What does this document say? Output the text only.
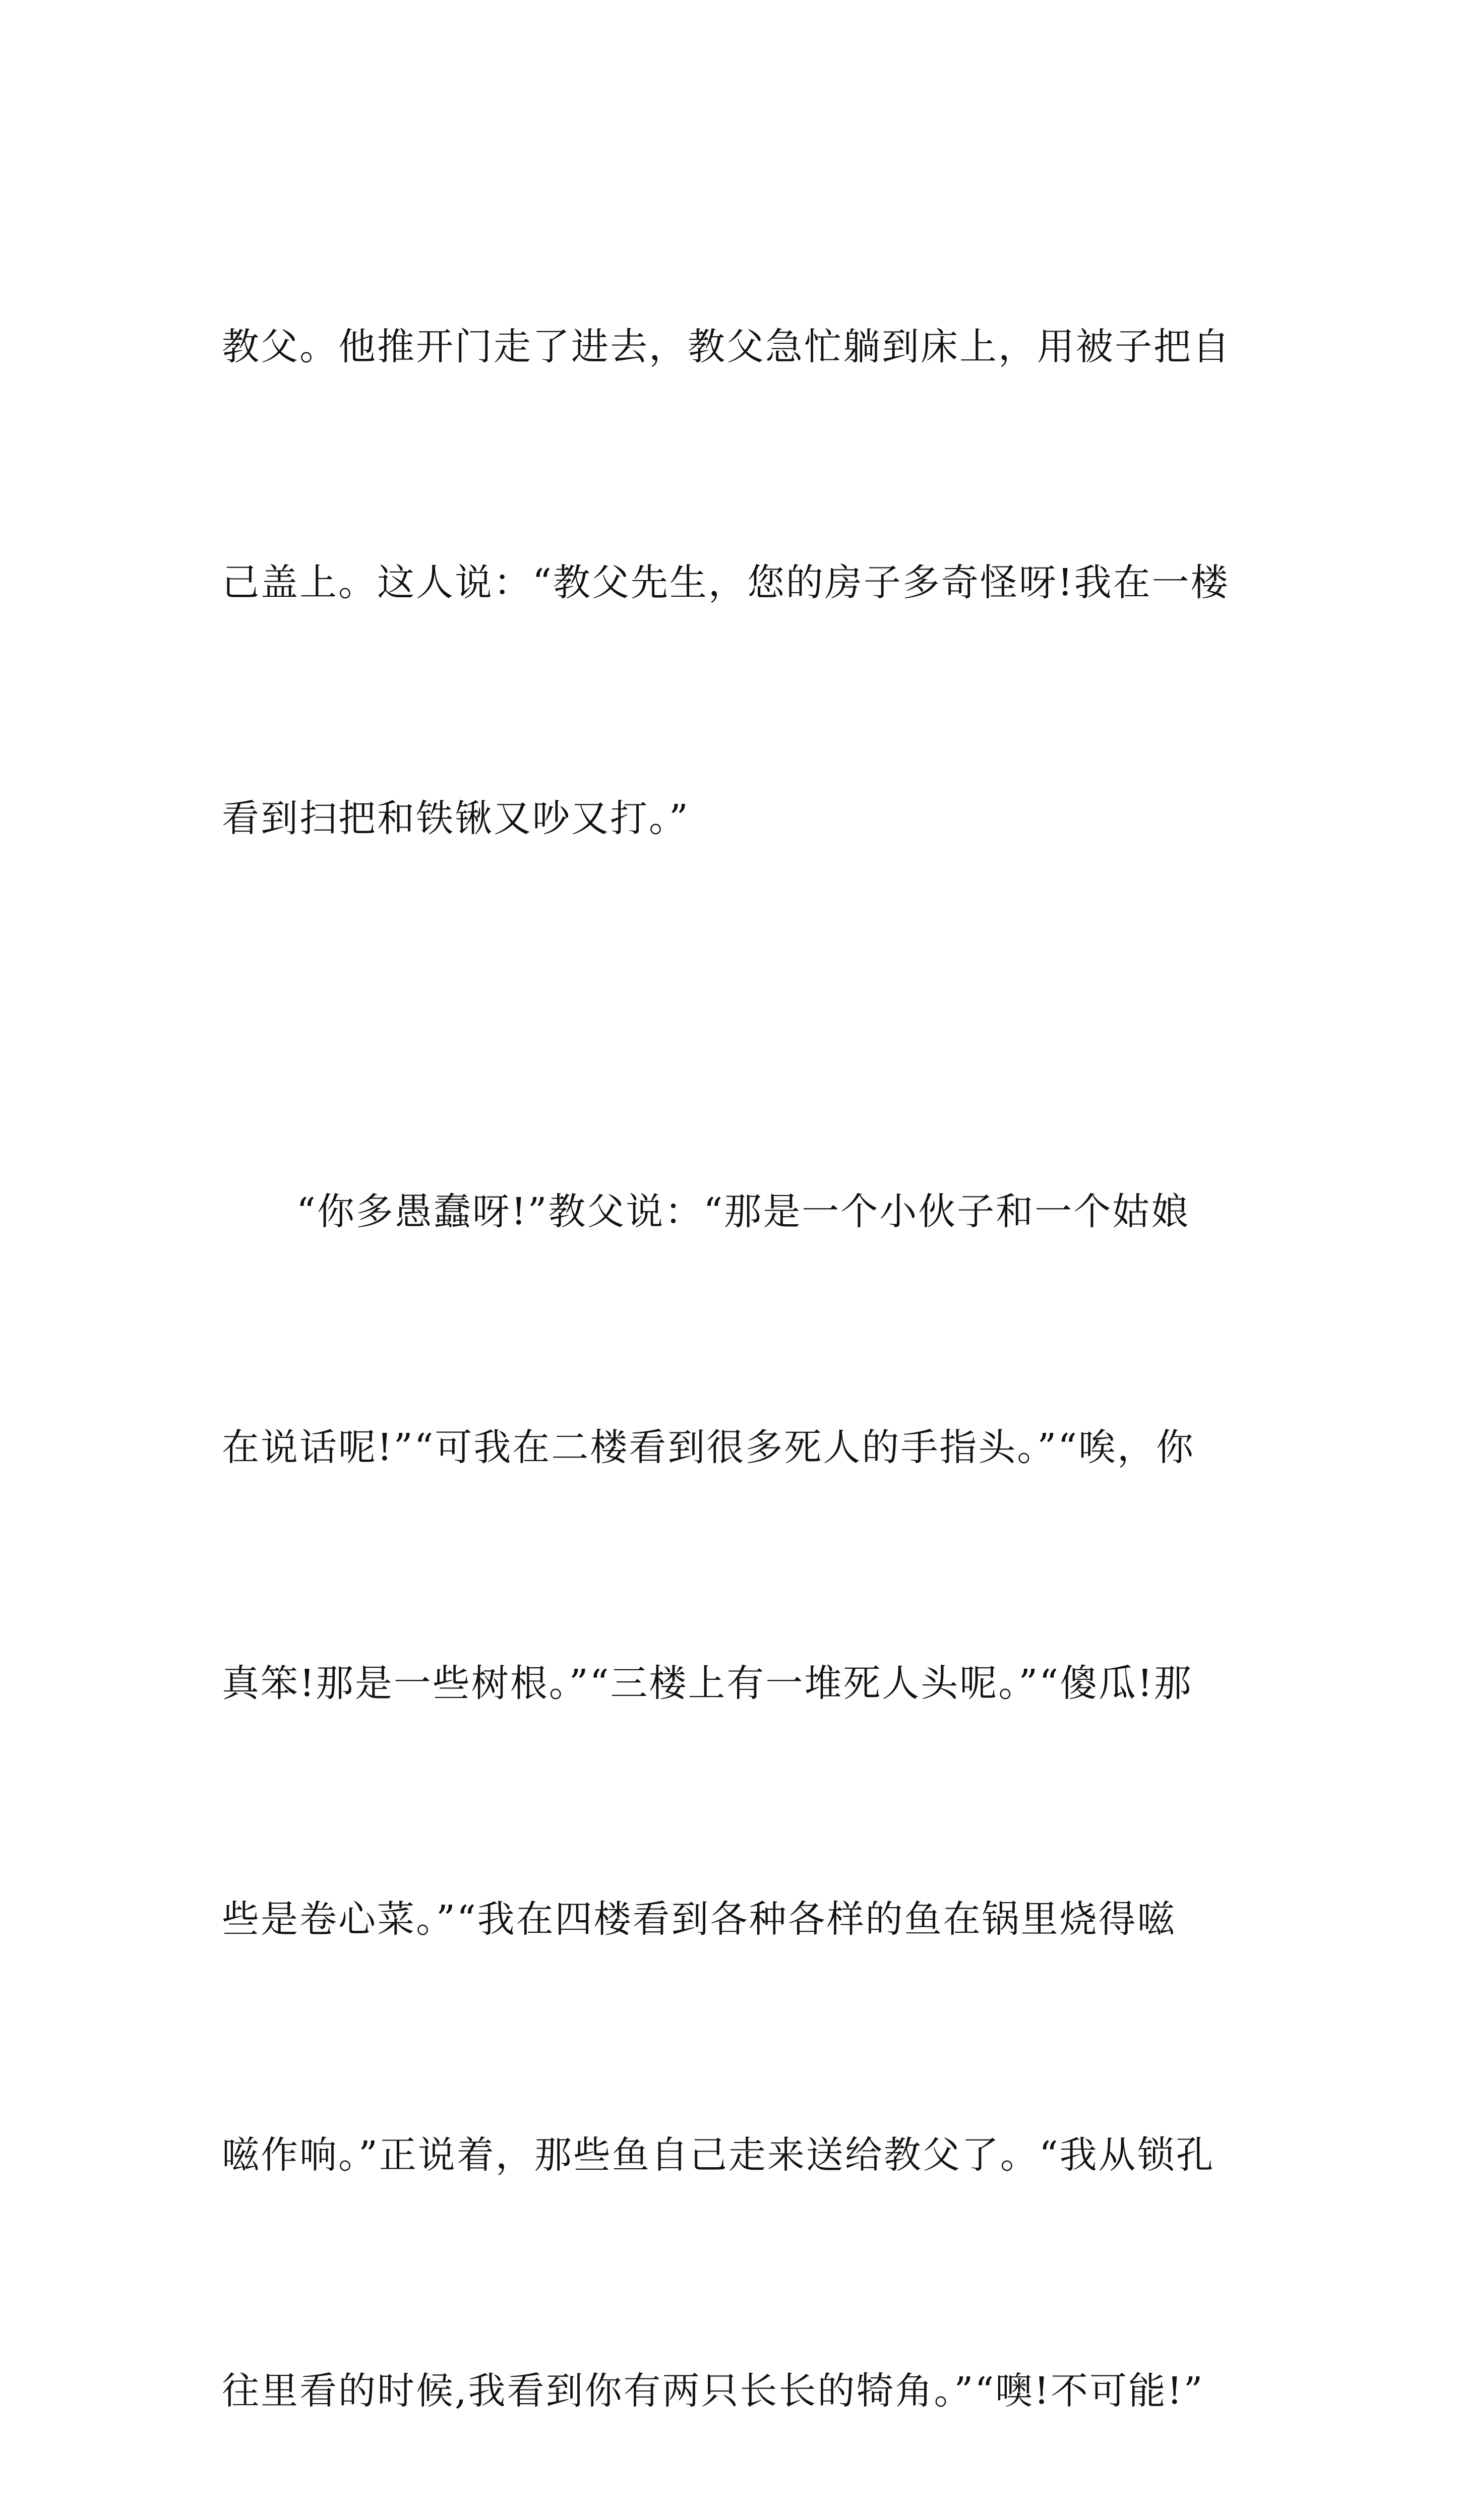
教父。他推开门走了进去，教父急忙躺到床上，用被子把自

己盖上。这人说：“教父先生，您的房子多奇怪呀!我在一楼

看到扫把和铁锹又吵又打。”

“你多愚蠢呀!”教父说：“那是一个小伙子和一个姑娘

在说话呢!”“可我在二楼看到很多死人的手指头。”“唉，你

真笨!那是一些树根。”“三楼上有一堆死人头呢。”“傻瓜!那

些是卷心菜。”“我在四楼看到各种各样的鱼在锅里烧得嗞

嗞作响。”正说着，那些鱼自己走来送给教父了。“我从锁孔

往里看的时候,我看到你有两只长长的犄角。”“噢!不可能!”
